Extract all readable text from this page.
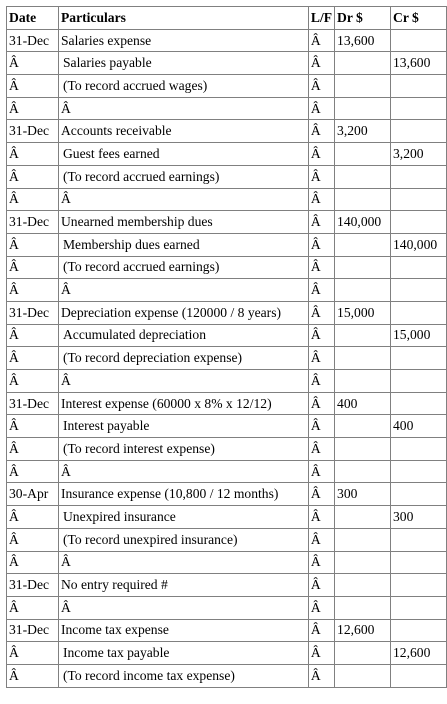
Date	Particulars	L/F	Dr $	Cr $
31-Dec	Salaries expense	Â	13,600	
Â	Salaries payable	Â		13,600
Â	(To record accrued wages)	Â		
Â	Â	Â		
31-Dec	Accounts receivable	Â	3,200	
Â	Guest fees earned	Â		3,200
Â	(To record accrued earnings)	Â		
Â	Â	Â		
31-Dec	Unearned membership dues	Â	140,000	
Â	Membership dues earned	Â		140,000
Â	(To record accrued earnings)	Â		
Â	Â	Â		
31-Dec	Depreciation expense (120000 / 8 years)	Â	15,000	
Â	Accumulated depreciation	Â		15,000
Â	(To record depreciation expense)	Â		
Â	Â	Â		
31-Dec	Interest expense (60000 x 8% x 12/12)	Â	400	
Â	Interest payable	Â		400
Â	(To record interest expense)	Â		
Â	Â	Â		
30-Apr	Insurance expense (10,800 / 12 months)	Â	300	
Â	Unexpired insurance	Â		300
Â	(To record unexpired insurance)	Â		
Â	Â	Â		
31-Dec	No entry required #	Â		
Â	Â	Â		
31-Dec	Income tax expense	Â	12,600	
Â	Income tax payable	Â		12,600
Â	(To record income tax expense)	Â		
